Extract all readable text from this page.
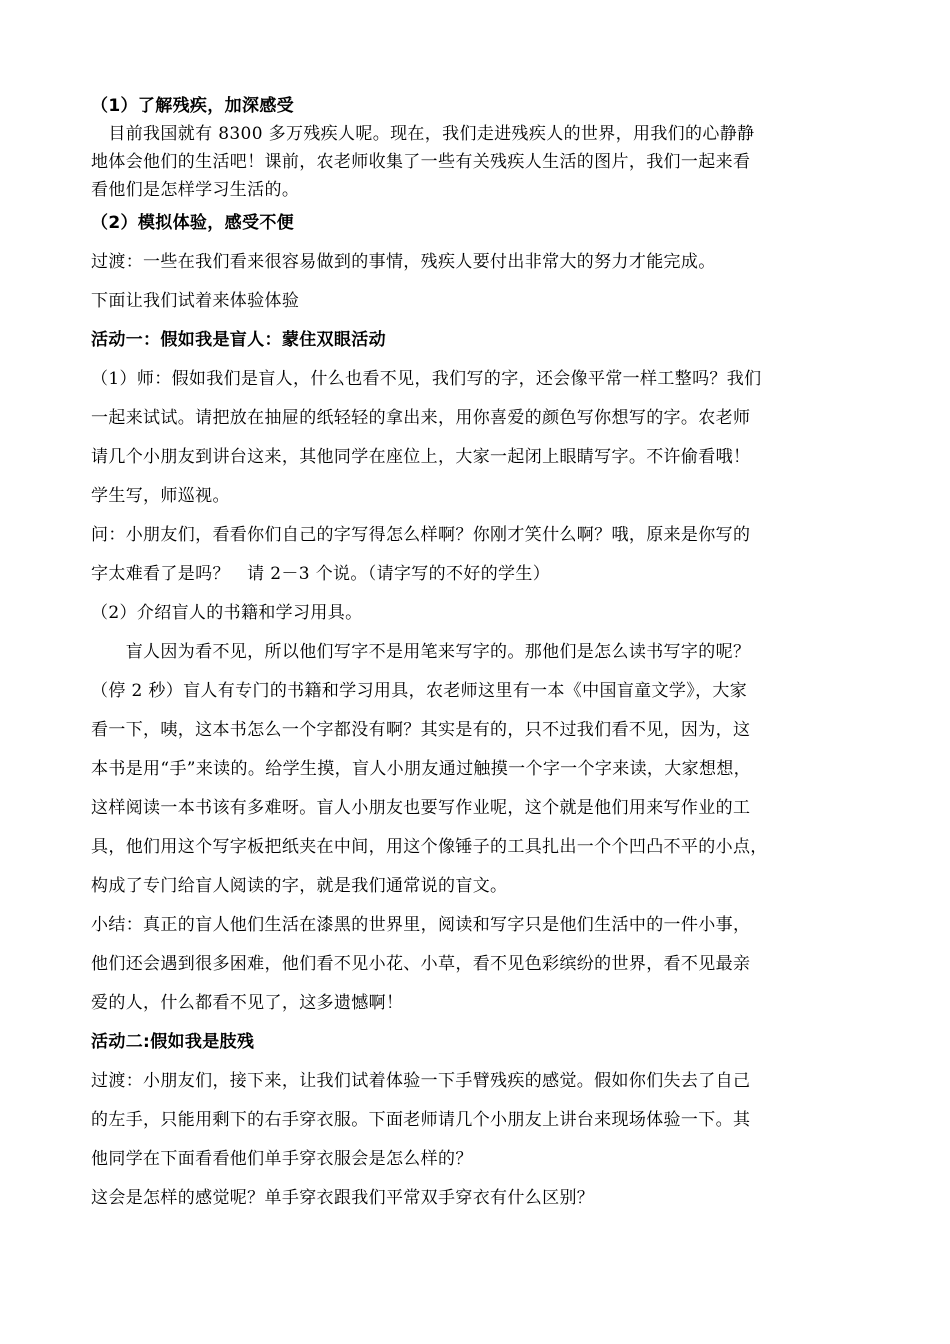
（1）了解残疾，加深感受
　目前我国就有 8300 多万残疾人呢。现在，我们走进残疾人的世界，用我们的心静静
地体会他们的生活吧！课前，农老师收集了一些有关残疾人生活的图片，我们一起来看
看他们是怎样学习生活的。
（2）模拟体验，感受不便
过渡：一些在我们看来很容易做到的事情，残疾人要付出非常大的努力才能完成。
下面让我们试着来体验体验
活动一：假如我是盲人：蒙住双眼活动
（1）师：假如我们是盲人，什么也看不见，我们写的字，还会像平常一样工整吗？我们
一起来试试。请把放在抽屉的纸轻轻的拿出来，用你喜爱的颜色写你想写的字。农老师
请几个小朋友到讲台这来，其他同学在座位上，大家一起闭上眼睛写字。不许偷看哦！
学生写，师巡视。
问：小朋友们，看看你们自己的字写得怎么样啊？你刚才笑什么啊？哦，原来是你写的
字太难看了是吗？　请 2－3 个说。（请字写的不好的学生）
（2）介绍盲人的书籍和学习用具。
　　盲人因为看不见，所以他们写字不是用笔来写字的。那他们是怎么读书写字的呢？
（停 2 秒）盲人有专门的书籍和学习用具，农老师这里有一本《中国盲童文学》，大家
看一下，咦，这本书怎么一个字都没有啊？其实是有的，只不过我们看不见，因为，这
本书是用“手”来读的。给学生摸，盲人小朋友通过触摸一个字一个字来读，大家想想，
这样阅读一本书该有多难呀。盲人小朋友也要写作业呢，这个就是他们用来写作业的工
具，他们用这个写字板把纸夹在中间，用这个像锤子的工具扎出一个个凹凸不平的小点，
构成了专门给盲人阅读的字，就是我们通常说的盲文。
小结：真正的盲人他们生活在漆黑的世界里，阅读和写字只是他们生活中的一件小事，
他们还会遇到很多困难，他们看不见小花、小草，看不见色彩缤纷的世界，看不见最亲
爱的人，什么都看不见了，这多遗憾啊！
活动二:假如我是肢残
过渡：小朋友们，接下来，让我们试着体验一下手臂残疾的感觉。假如你们失去了自己
的左手，只能用剩下的右手穿衣服。下面老师请几个小朋友上讲台来现场体验一下。其
他同学在下面看看他们单手穿衣服会是怎么样的？
这会是怎样的感觉呢？单手穿衣跟我们平常双手穿衣有什么区别？
